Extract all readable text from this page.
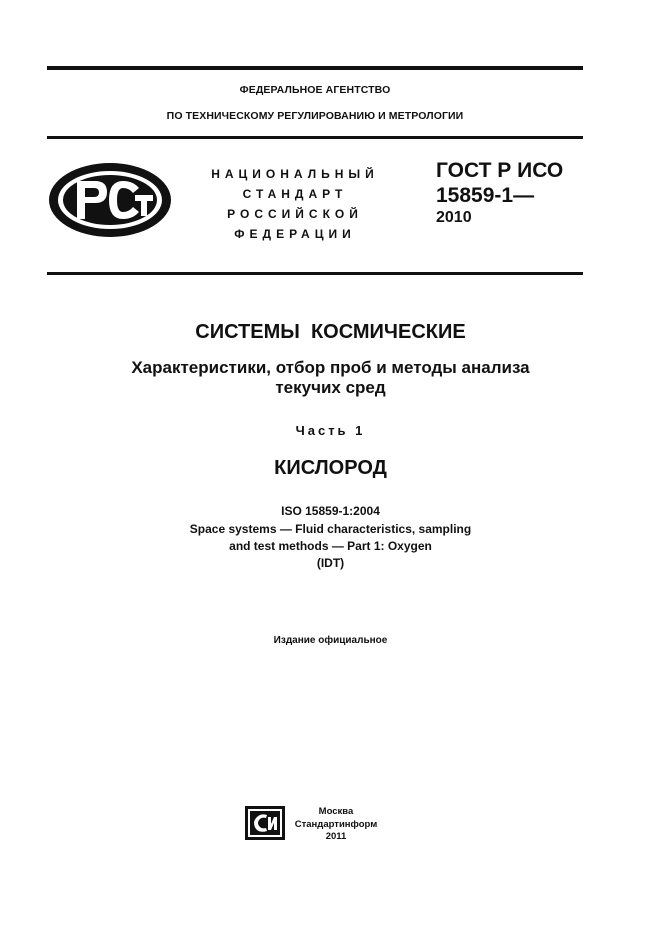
ФЕДЕРАЛЬНОЕ АГЕНТСТВО
ПО ТЕХНИЧЕСКОМУ РЕГУЛИРОВАНИЮ И МЕТРОЛОГИИ
НАЦИОНАЛЬНЫЙ
СТАНДАРТ
РОССИЙСКОЙ
ФЕДЕРАЦИИ
ГОСТ Р ИСО
15859-1—
2010
СИСТЕМЫ  КОСМИЧЕСКИЕ
Характеристики, отбор проб и методы анализа
текучих сред
Часть 1
КИСЛОРОД
ISO 15859-1:2004
Space systems — Fluid characteristics, sampling
and test methods — Part 1: Oxygen
(IDT)
Издание официальное
Москва
Стандартинформ
2011
